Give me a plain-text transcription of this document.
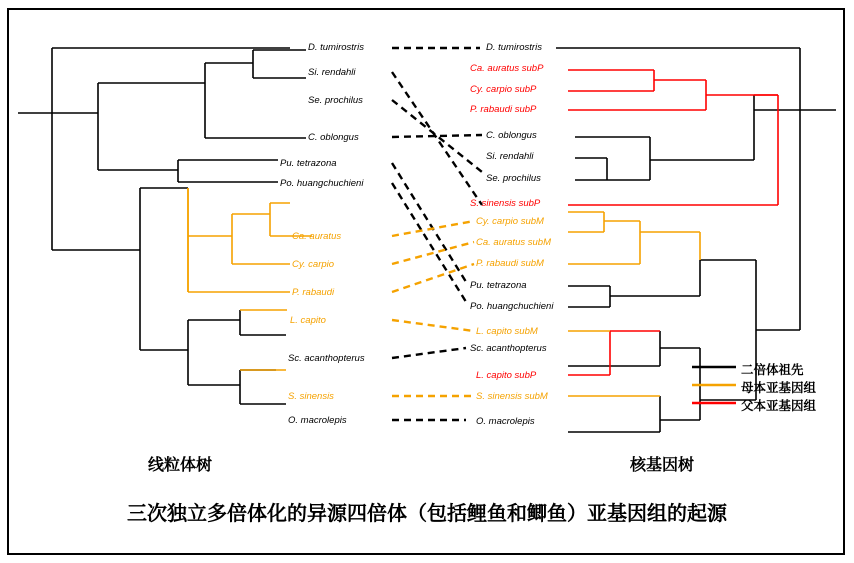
D. tumirostris
Si. rendahli
Se. prochilus
C. oblongus
Pu. tetrazona
Po. huangchuchieni
Ca. auratus
Cy. carpio
P. rabaudi
L. capito
Sc. acanthopterus
S. sinensis
O. macrolepis
D. tumirostris
Ca. auratus subP
Cy. carpio subP
P. rabaudi subP
C. oblongus
Si. rendahli
Se. prochilus
S. sinensis subP
Cy. carpio subM
Ca. auratus subM
P. rabaudi subM
Pu. tetrazona
Po. huangchuchieni
L. capito subM
Sc. acanthopterus
L. capito subP
S. sinensis subM
O. macrolepis
线粒体树	核基因树
二倍体祖先
母本亚基因组
父本亚基因组
三次独立多倍体化的异源四倍体（包括鲤鱼和鲫鱼）亚基因组的起源
